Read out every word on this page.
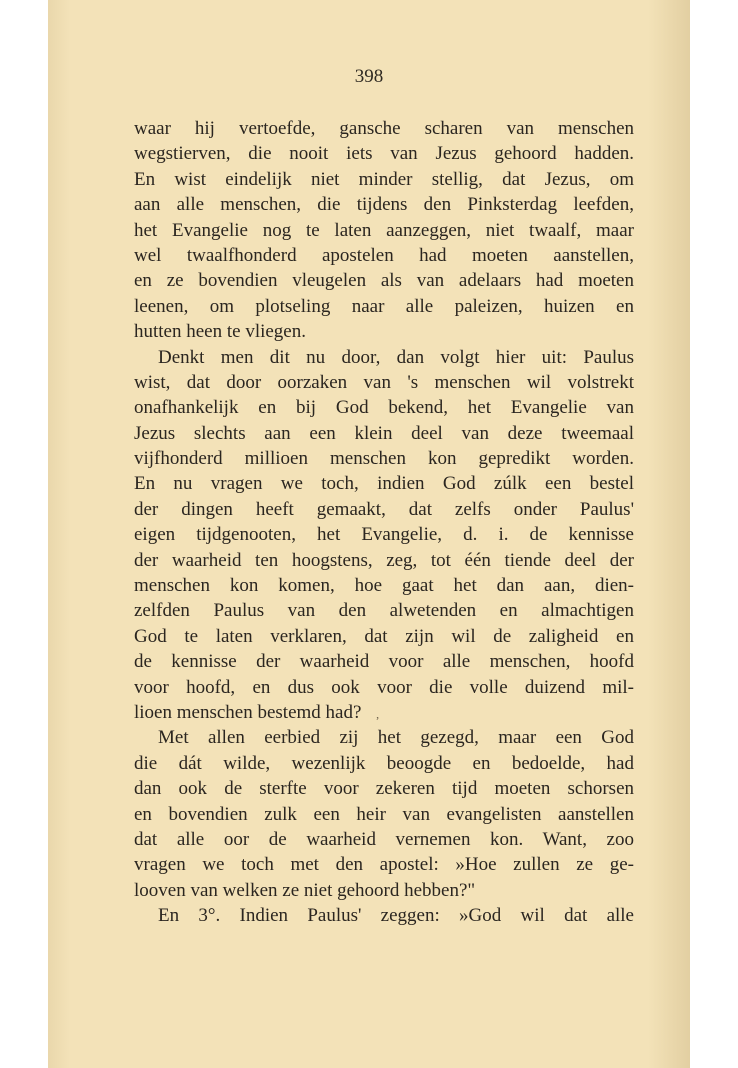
398
waar hij vertoefde, gansche scharen van menschen
wegstierven, die nooit iets van Jezus gehoord hadden.
En wist eindelijk niet minder stellig, dat Jezus, om
aan alle menschen, die tijdens den Pinksterdag leefden,
het Evangelie nog te laten aanzeggen, niet twaalf, maar
wel twaalfhonderd apostelen had moeten aanstellen,
en ze bovendien vleugelen als van adelaars had moeten
leenen, om plotseling naar alle paleizen, huizen en
hutten heen te vliegen.
Denkt men dit nu door, dan volgt hier uit: Paulus
wist, dat door oorzaken van 's menschen wil volstrekt
onafhankelijk en bij God bekend, het Evangelie van
Jezus slechts aan een klein deel van deze tweemaal
vijfhonderd millioen menschen kon gepredikt worden.
En nu vragen we toch, indien God zúlk een bestel
der dingen heeft gemaakt, dat zelfs onder Paulus'
eigen tijdgenooten, het Evangelie, d. i. de kennisse
der waarheid ten hoogstens, zeg, tot één tiende deel der
menschen kon komen, hoe gaat het dan aan, dien-
zelfden Paulus van den alwetenden en almachtigen
God te laten verklaren, dat zijn wil de zaligheid en
de kennisse der waarheid voor alle menschen, hoofd
voor hoofd, en dus ook voor die volle duizend mil-
lioen menschen bestemd had? ,
Met allen eerbied zij het gezegd, maar een God
die dát wilde, wezenlijk beoogde en bedoelde, had
dan ook de sterfte voor zekeren tijd moeten schorsen
en bovendien zulk een heir van evangelisten aanstellen
dat alle oor de waarheid vernemen kon. Want, zoo
vragen we toch met den apostel: »Hoe zullen ze ge-
looven van welken ze niet gehoord hebben?"
En 3°. Indien Paulus' zeggen: »God wil dat alle
